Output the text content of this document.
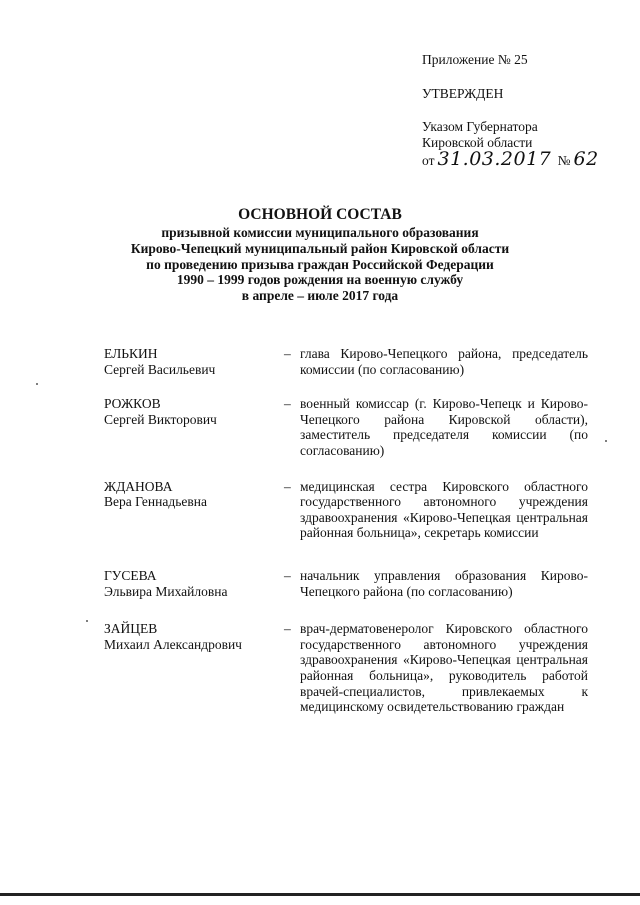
Приложение № 25
УТВЕРЖДЕН
Указом Губернатора
Кировской области
от 31.03.2017 № 62
ОСНОВНОЙ СОСТАВ
призывной комиссии муниципального образования
Кирово-Чепецкий муниципальный район Кировской области
по проведению призыва граждан Российской Федерации
1990 – 1999 годов рождения на военную службу
в апреле – июле 2017 года
ЕЛЬКИН
Сергей Васильевич
– глава Кирово-Чепецкого района, председатель комиссии (по согласованию)
РОЖКОВ
Сергей Викторович
– военный комиссар (г. Кирово-Чепецк и Кирово-Чепецкого района Кировской области), заместитель председателя комиссии (по согласованию)
ЖДАНОВА
Вера Геннадьевна
– медицинская сестра Кировского областного государственного автономного учреждения здравоохранения «Кирово-Чепецкая центральная районная больница», секретарь комиссии
ГУСЕВА
Эльвира Михайловна
– начальник управления образования Кирово-Чепецкого района (по согласованию)
ЗАЙЦЕВ
Михаил Александрович
– врач-дерматовенеролог Кировского областного государственного автономного учреждения здравоохранения «Кирово-Чепецкая центральная районная больница», руководитель работой врачей-специалистов, привлекаемых к медицинскому освидетельствованию граждан
